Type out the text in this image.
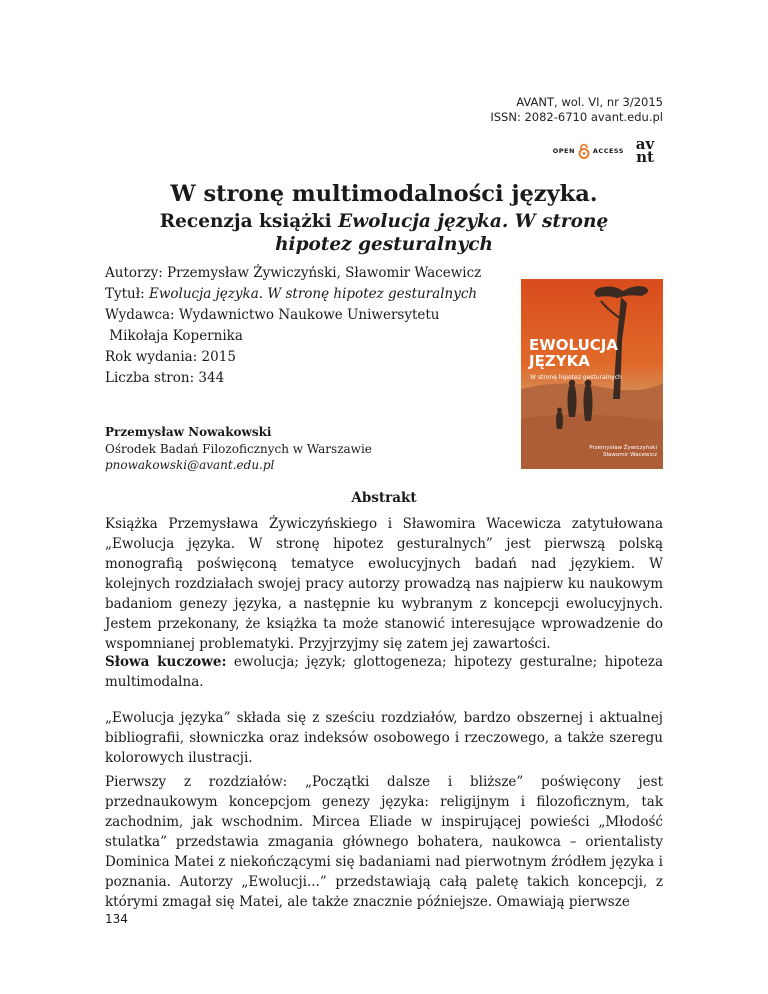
AVANT, wol. VI, nr 3/2015
ISSN: 2082-6710 avant.edu.pl
OPEN	ACCESS av
nt

W stronę multimodalności języka.

Recenzja książki Ewolucja języka. W stronę
hipotez gesturalnych

Autorzy: Przemysław Żywiczyński, Sławomir Wacewicz
Tytuł: Ewolucja języka. W stronę hipotez gesturalnych
Wydawca: Wydawnictwo Naukowe Uniwersytetu
Mikołaja Kopernika
Rok wydania: 2015
Liczba stron: 344
EWOLUCJA
JĘZYKA
W stronę hipotez gesturalnych
Przemysław Żywiczyński
Sławomir Wacewicz
Przemysław Nowakowski
Ośrodek Badań Filozoficznych w Warszawie
pnowakowski@avant.edu.pl
Abstrakt

Książka Przemysława Żywiczyńskiego i Sławomira Wacewicza zatytułowana „Ewolucja języka. W stronę hipotez gesturalnych” jest pierwszą polską monografią poświęconą tematyce ewolucyjnych badań nad językiem. W kolejnych rozdziałach swojej pracy autorzy prowadzą nas najpierw ku naukowym badaniom genezy języka, a następnie ku wybranym z koncepcji ewolucyjnych. Jestem przekonany, że książka ta może stanowić interesujące wprowadzenie do wspomnianej problematyki. Przyjrzyjmy się zatem jej zawartości.

Słowa kuczowe: ewolucja; język; glottogeneza; hipotezy gesturalne; hipoteza multimodalna.

„Ewolucja języka” składa się z sześciu rozdziałów, bardzo obszernej i aktualnej bibliografii, słowniczka oraz indeksów osobowego i rzeczowego, a także szeregu kolorowych ilustracji.

Pierwszy z rozdziałów: „Początki dalsze i bliższe” poświęcony jest przednaukowym koncepcjom genezy języka: religijnym i filozoficznym, tak zachodnim, jak wschodnim. Mircea Eliade w inspirującej powieści „Młodość stulatka” przedstawia zmagania głównego bohatera, naukowca – orientalisty Dominica Matei z niekończącymi się badaniami nad pierwotnym źródłem języka i poznania. Autorzy „Ewolucji...” przedstawiają całą paletę takich koncepcji, z którymi zmagał się Matei, ale także znacznie późniejsze. Omawiają pierwsze

134
